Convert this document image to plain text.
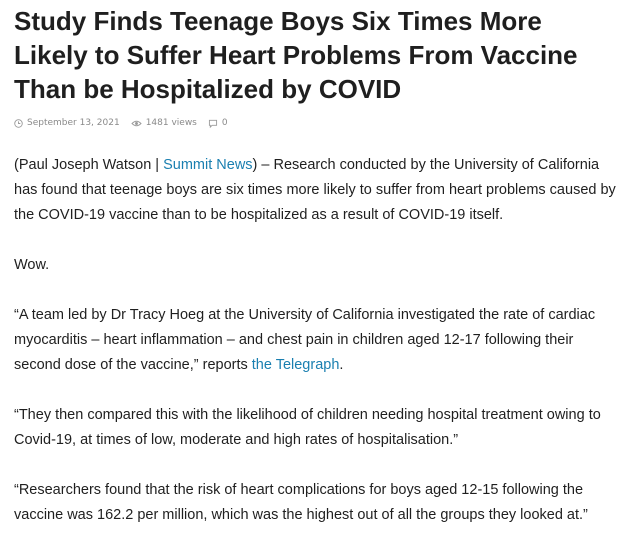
Study Finds Teenage Boys Six Times More Likely to Suffer Heart Problems From Vaccine Than be Hospitalized by COVID
September 13, 2021	1481 views	0

(Paul Joseph Watson | Summit News) – Research conducted by the University of California has found that teenage boys are six times more likely to suffer from heart problems caused by the COVID-19 vaccine than to be hospitalized as a result of COVID-19 itself.

Wow.

“A team led by Dr Tracy Hoeg at the University of California investigated the rate of cardiac myocarditis – heart inflammation – and chest pain in children aged 12-17 following their second dose of the vaccine,” reports the Telegraph.

“They then compared this with the likelihood of children needing hospital treatment owing to Covid-19, at times of low, moderate and high rates of hospitalisation.”

“Researchers found that the risk of heart complications for boys aged 12-15 following the vaccine was 162.2 per million, which was the highest out of all the groups they looked at.”
